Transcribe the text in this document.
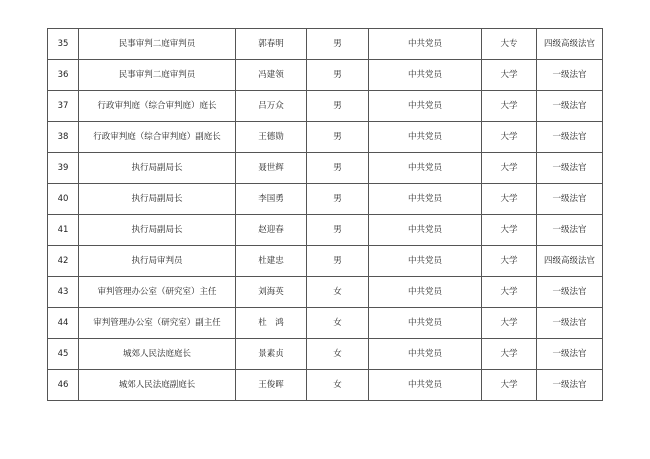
35	民事审判二庭审判员	郭春明	男	中共党员	大专	四级高级法官
36	民事审判二庭审判员	冯建领	男	中共党员	大学	一级法官
37	行政审判庭（综合审判庭）庭长	吕万众	男	中共党员	大学	一级法官
38	行政审判庭（综合审判庭）副庭长	王德勋	男	中共党员	大学	一级法官
39	执行局副局长	聂世辉	男	中共党员	大学	一级法官
40	执行局副局长	李国勇	男	中共党员	大学	一级法官
41	执行局副局长	赵迎春	男	中共党员	大学	一级法官
42	执行局审判员	杜建忠	男	中共党员	大学	四级高级法官
43	审判管理办公室（研究室）主任	刘海英	女	中共党员	大学	一级法官
44	审判管理办公室（研究室）副主任	杜　鸿	女	中共党员	大学	一级法官
45	城郊人民法庭庭长	景素贞	女	中共党员	大学	一级法官
46	城郊人民法庭副庭长	王俊晖	女	中共党员	大学	一级法官
